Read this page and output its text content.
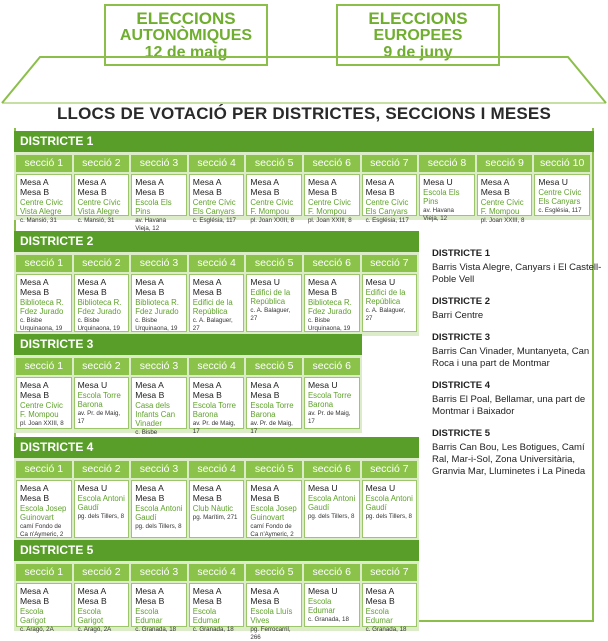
ELECCIONS
AUTONÒMIQUES
12 de maig
ELECCIONS
EUROPEES
9 de juny
LLOCS DE VOTACIÓ PER DISTRICTES, SECCIONS I MESES
DISTRICTE 1
secció 1
Mesa A
Mesa B
Centre Cívic Vista Alegre
c. Mansió, 31
secció 2
Mesa A
Mesa B
Centre Cívic Vista Alegre
c. Mansió, 31
secció 3
Mesa A
Mesa B
Escola Els Pins
av. Havana Vieja, 12
secció 4
Mesa A
Mesa B
Centre Cívic Els Canyars
c. Església, 117
secció 5
Mesa A
Mesa B
Centre Cívic F. Mompou
pl. Joan XXIII, 8
secció 6
Mesa A
Mesa B
Centre Cívic F. Mompou
pl. Joan XXIII, 8
secció 7
Mesa A
Mesa B
Centre Cívic Els Canyars
c. Església, 117
secció 8
Mesa U
Escola Els Pins
av. Havana Vieja, 12
secció 9
Mesa A
Mesa B
Centre Cívic F. Mompou
pl. Joan XXIII, 8
secció 10
Mesa U
Centre Cívic Els Canyars
c. Església, 117
DISTRICTE 2
secció 1
Mesa A
Mesa B
Biblioteca R. Fdez Jurado
c. Bisbe Urquinaona, 19
secció 2
Mesa A
Mesa B
Biblioteca R. Fdez Jurado
c. Bisbe Urquinaona, 19
secció 3
Mesa A
Mesa B
Biblioteca R. Fdez Jurado
c. Bisbe Urquinaona, 19
secció 4
Mesa A
Mesa B
Edifici de la República
c. A. Balaguer, 27
secció 5
Mesa U
Edifici de la República
c. A. Balaguer, 27
secció 6
Mesa A
Mesa B
Biblioteca R. Fdez Jurado
c. Bisbe Urquinaona, 19
secció 7
Mesa U
Edifici de la República
c. A. Balaguer, 27
DISTRICTE 3
secció 1
Mesa A
Mesa B
Centre Cívic F. Mompou
pl. Joan XXIII, 8
secció 2
Mesa U
Escola Torre Barona
av. Pr. de Maig, 17
secció 3
Mesa A
Mesa B
Casa dels Infants Can Vinader
c. Bisbe
secció 4
Mesa A
Mesa B
Escola Torre Barona
av. Pr. de Maig, 17
secció 5
Mesa A
Mesa B
Escola Torre Barona
av. Pr. de Maig, 17
secció 6
Mesa U
Escola Torre Barona
av. Pr. de Maig, 17
DISTRICTE 4
secció 1
Mesa A
Mesa B
Escola Josep Guinovart
camí Fondo de Ca n'Aymeric, 2
secció 2
Mesa U
Escola Antoni Gaudí
pg. dels Tillers, 8
secció 3
Mesa A
Mesa B
Escola Antoni Gaudí
pg. dels Tillers, 8
secció 4
Mesa A
Mesa B
Club Nàutic
pg. Marítim, 271
secció 5
Mesa A
Mesa B
Escola Josep Guinovart
camí Fondo de Ca n'Aymeric, 2
secció 6
Mesa U
Escola Antoni Gaudí
pg. dels Tillers, 8
secció 7
Mesa U
Escola Antoni Gaudí
pg. dels Tillers, 8
DISTRICTE 5
secció 1
Mesa A
Mesa B
Escola Garigot
c. Aragó, 2A
secció 2
Mesa A
Mesa B
Escola Garigot
c. Aragó, 2A
secció 3
Mesa A
Mesa B
Escola Edumar
c. Granada, 18
secció 4
Mesa A
Mesa B
Escola Edumar
c. Granada, 18
secció 5
Mesa A
Mesa B
Escola Lluís Vives
pg. Ferrocarril, 266
secció 6
Mesa U
Escola Edumar
c. Granada, 18
secció 7
Mesa A
Mesa B
Escola Edumar
c. Granada, 18
DISTRICTE 1
Barris Vista Alegre, Canyars i El Castell-Poble Vell
DISTRICTE 2
Barri Centre
DISTRICTE 3
Barris Can Vinader, Muntanyeta, Can Roca i una part de Montmar
DISTRICTE 4
Barris El Poal, Bellamar, una part de Montmar i Baixador
DISTRICTE 5
Barris Can Bou, Les Botigues, Camí Ral, Mar-i-Sol, Zona Universitària, Granvia Mar, Lluminetes i La Pineda
